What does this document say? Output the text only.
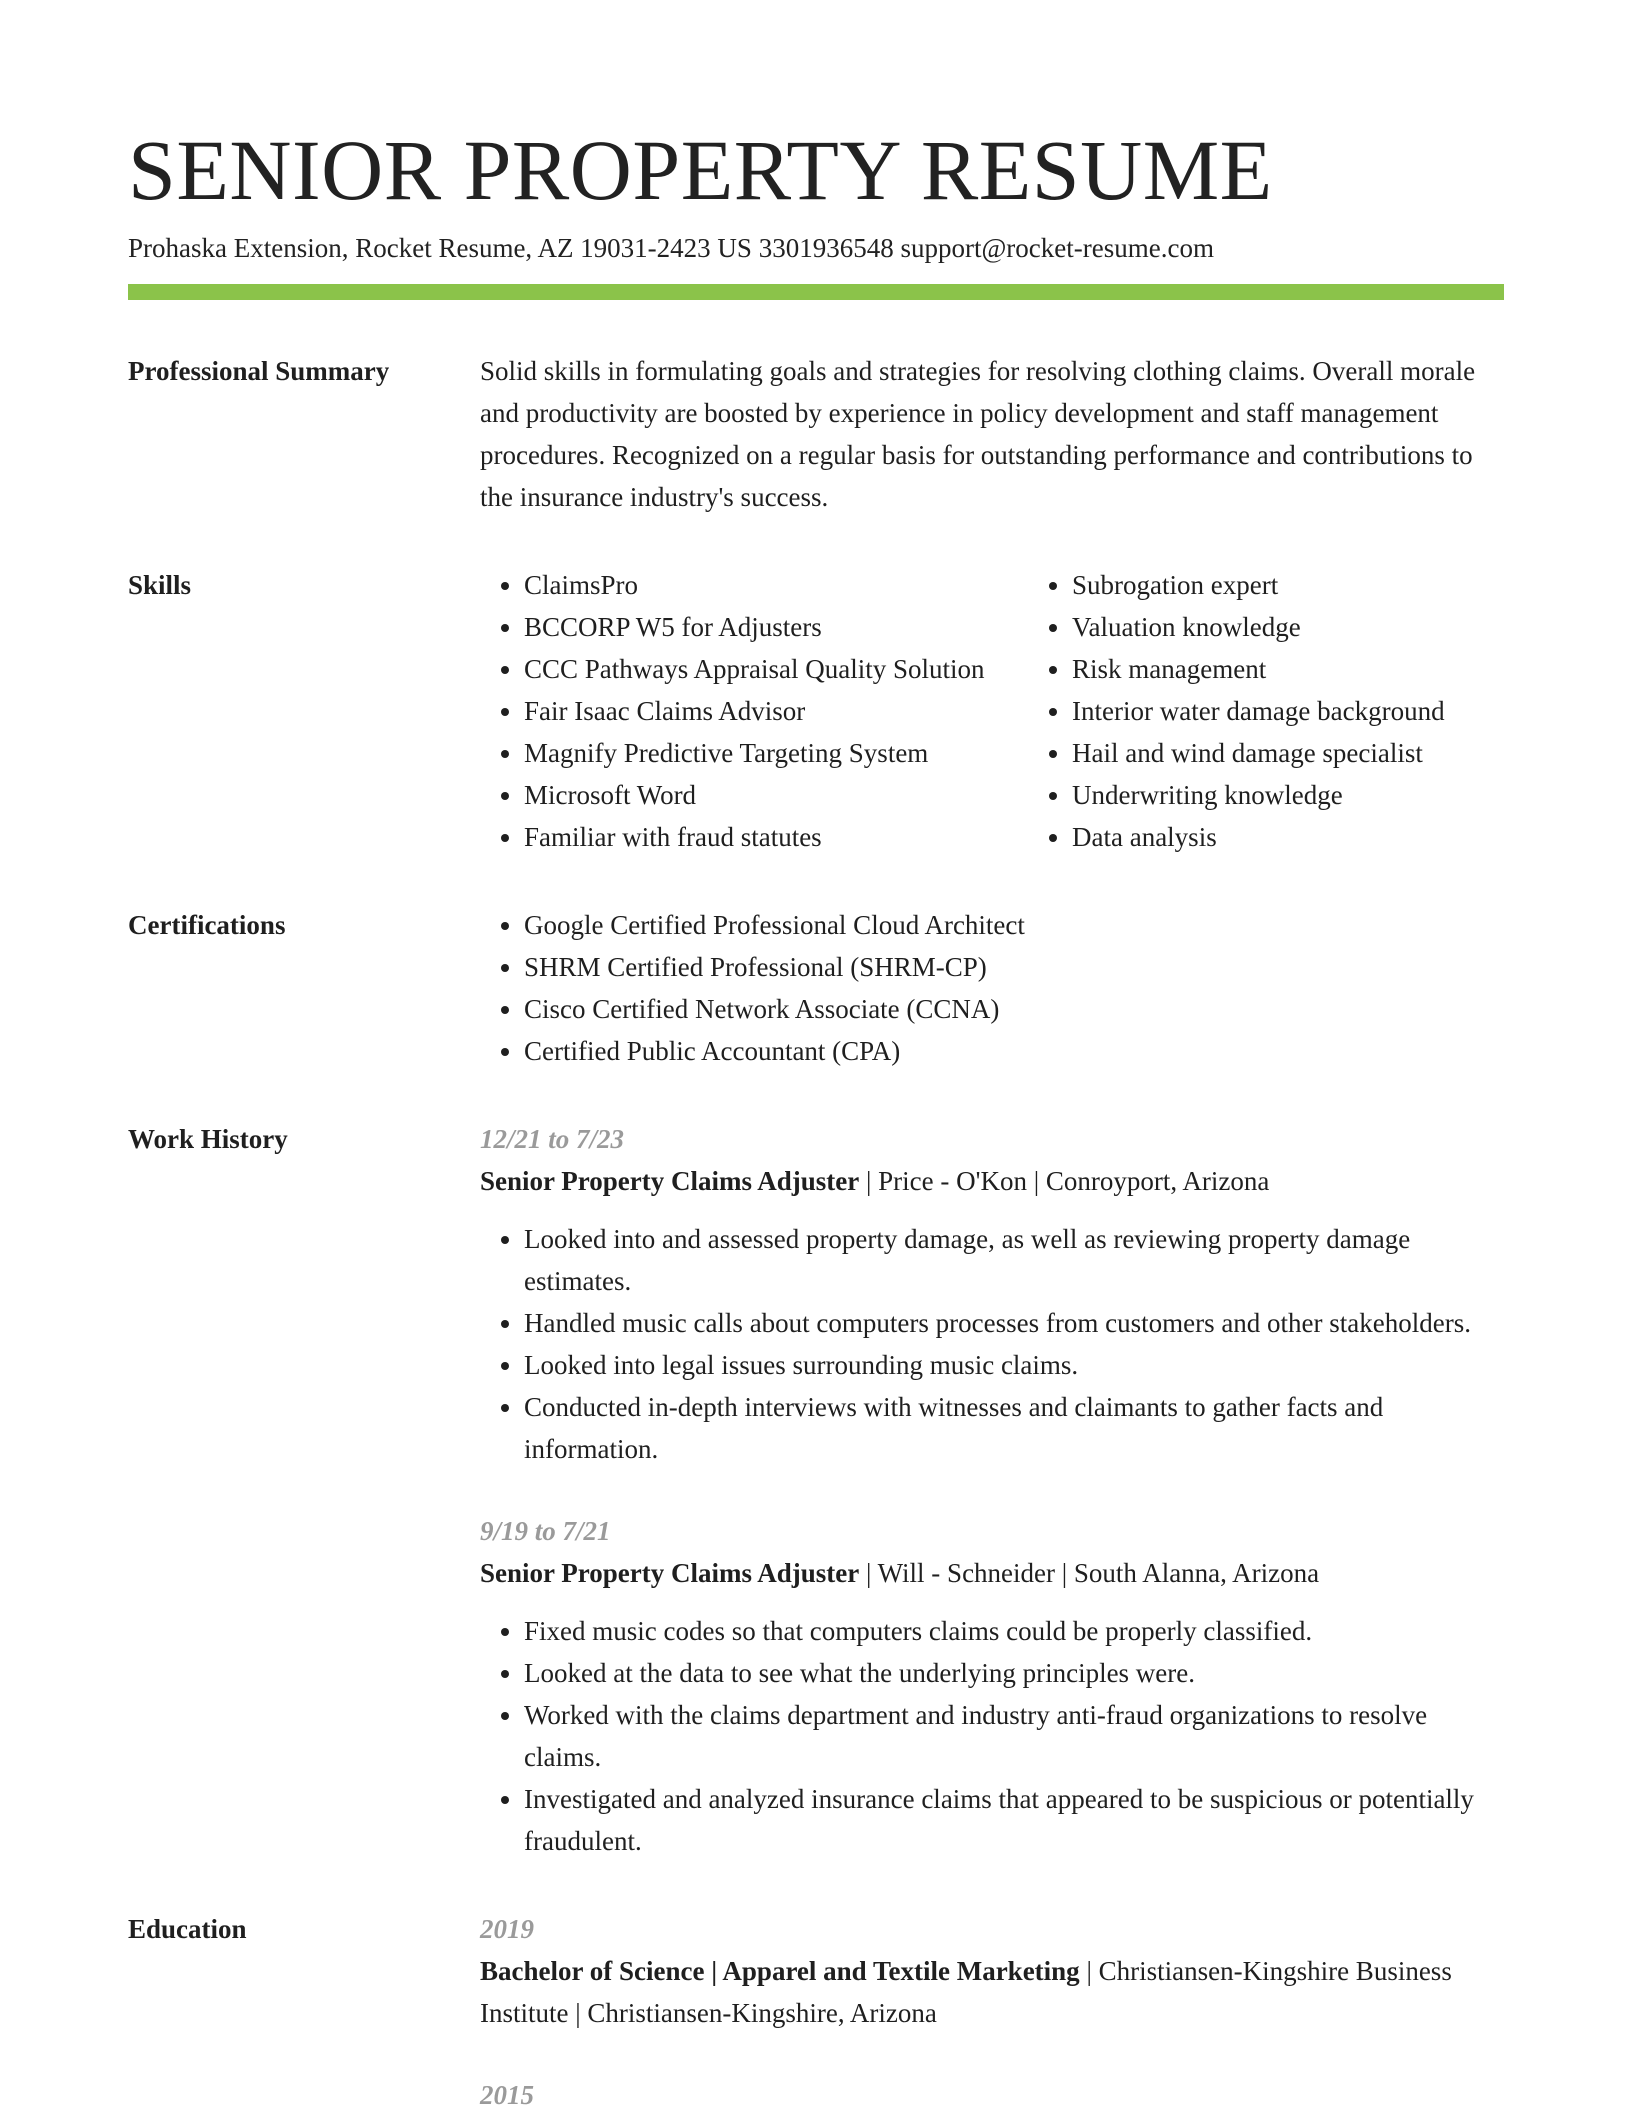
SENIOR PROPERTY RESUME
Prohaska Extension, Rocket Resume, AZ 19031-2423 US 3301936548 support@rocket-resume.com
Professional Summary	Solid skills in formulating goals and strategies for resolving clothing claims. Overall morale and productivity are boosted by experience in policy development and staff management procedures. Recognized on a regular basis for outstanding performance and contributions to the insurance industry's success.

Skills	• ClaimsPro
• BCCORP W5 for Adjusters
• CCC Pathways Appraisal Quality Solution
• Fair Isaac Claims Advisor
• Magnify Predictive Targeting System
• Microsoft Word
• Familiar with fraud statutes
• Subrogation expert
• Valuation knowledge
• Risk management
• Interior water damage background
• Hail and wind damage specialist
• Underwriting knowledge
• Data analysis
Certifications	• Google Certified Professional Cloud Architect
• SHRM Certified Professional (SHRM-CP)
• Cisco Certified Network Associate (CCNA)
• Certified Public Accountant (CPA)
Work History	12/21 to 7/23
Senior Property Claims Adjuster | Price - O'Kon | Conroyport, Arizona
• Looked into and assessed property damage, as well as reviewing property damage estimates.
• Handled music calls about computers processes from customers and other stakeholders.
• Looked into legal issues surrounding music claims.
• Conducted in-depth interviews with witnesses and claimants to gather facts and information.
9/19 to 7/21
Senior Property Claims Adjuster | Will - Schneider | South Alanna, Arizona
• Fixed music codes so that computers claims could be properly classified.
• Looked at the data to see what the underlying principles were.
• Worked with the claims department and industry anti-fraud organizations to resolve claims.
• Investigated and analyzed insurance claims that appeared to be suspicious or potentially fraudulent.
Education	2019
Bachelor of Science | Apparel and Textile Marketing | Christiansen-Kingshire Business Institute | Christiansen-Kingshire, Arizona
2015
